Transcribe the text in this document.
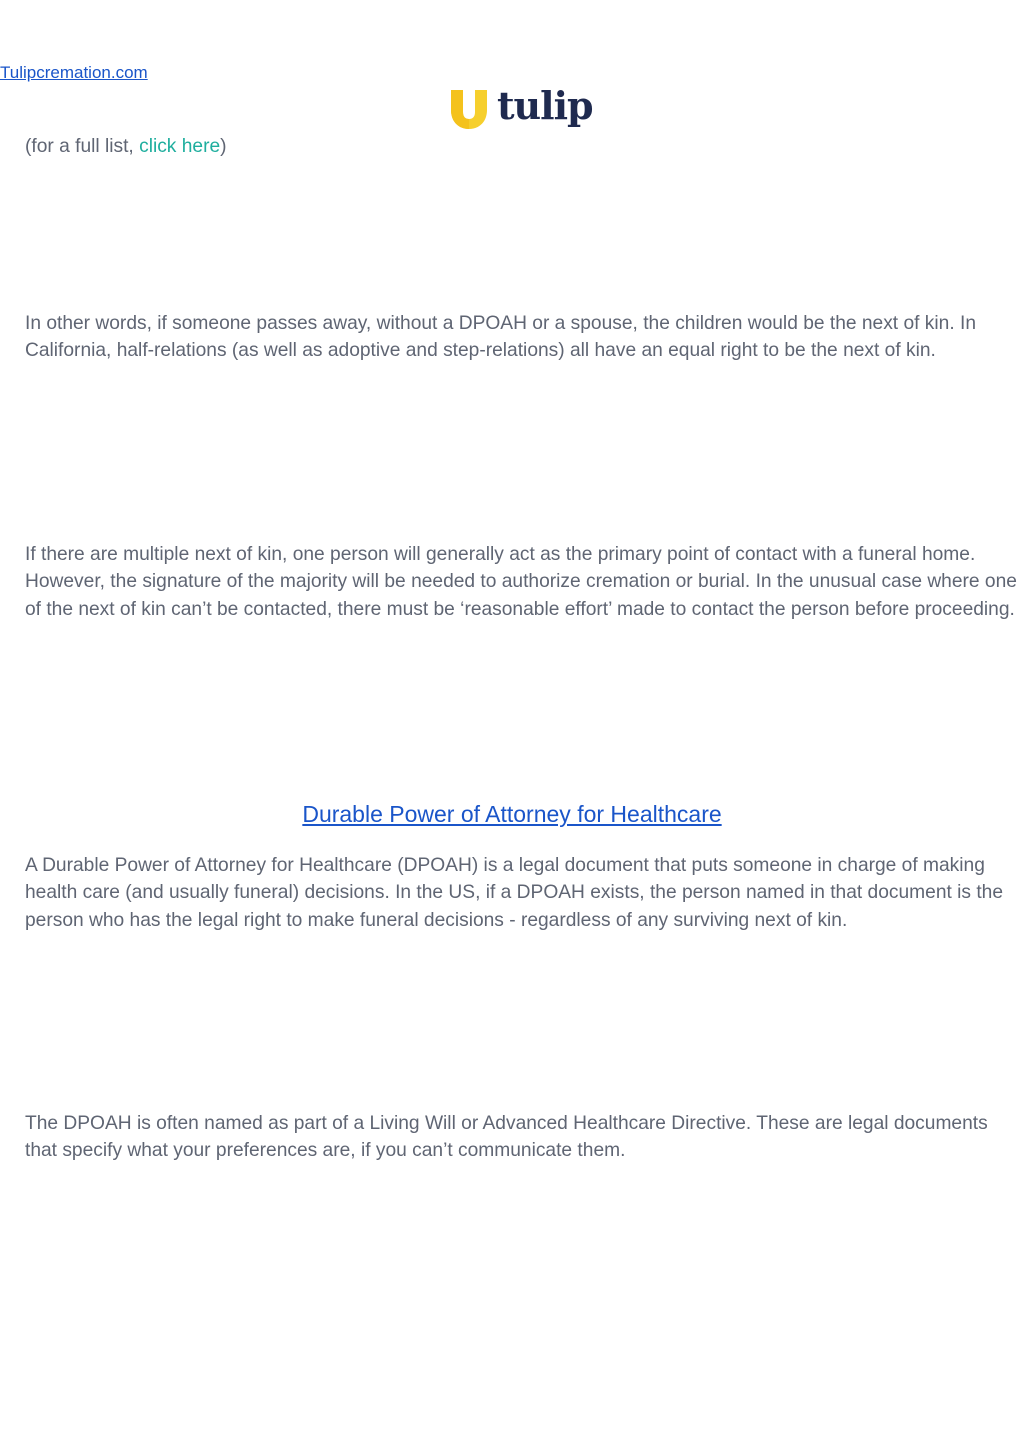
Tulipcremation.com
tulip

(for a full list, click here)

In other words, if someone passes away, without a DPOAH or a spouse, the children would be the next of kin. In California, half-relations (as well as adoptive and step-relations) all have an equal right to be the next of kin.

If there are multiple next of kin, one person will generally act as the primary point of contact with a funeral home. However, the signature of the majority will be needed to authorize cremation or burial. In the unusual case where one of the next of kin can’t be contacted, there must be ‘reasonable effort’ made to contact the person before proceeding.

Durable Power of Attorney for Healthcare

A Durable Power of Attorney for Healthcare (DPOAH) is a legal document that puts someone in charge of making health care (and usually funeral) decisions. In the US, if a DPOAH exists, the person named in that document is the person who has the legal right to make funeral decisions - regardless of any surviving next of kin.

The DPOAH is often named as part of a Living Will or Advanced Healthcare Directive. These are legal documents that specify what your preferences are, if you can’t communicate them.
